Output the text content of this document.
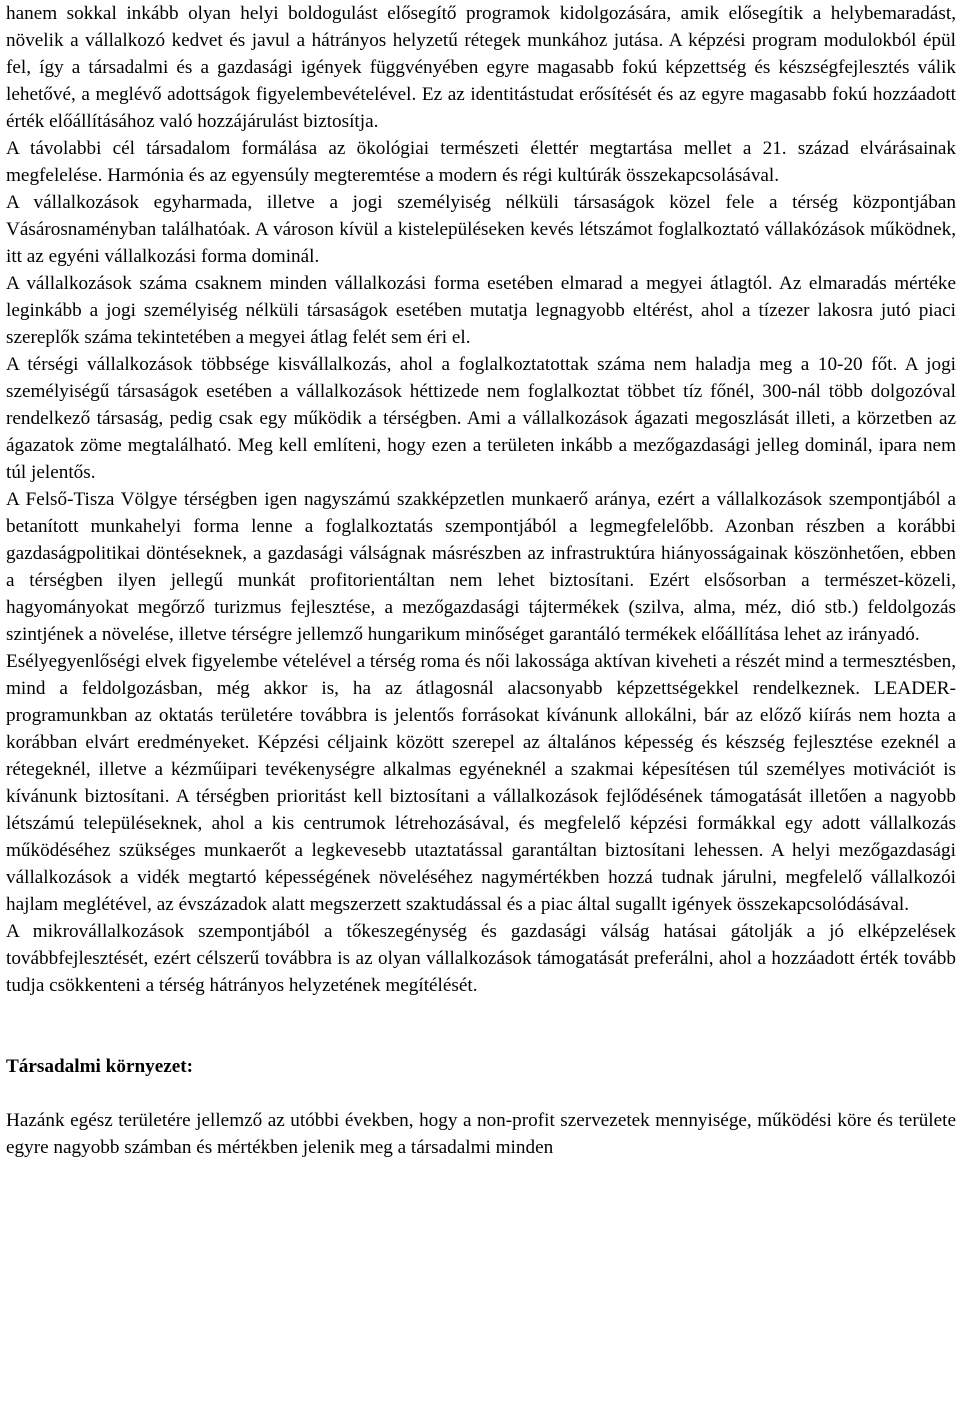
hanem sokkal inkább olyan helyi boldogulást elősegítő programok kidolgozására, amik elősegítik a helybemaradást, növelik a vállalkozó kedvet és javul a hátrányos helyzetű rétegek munkához jutása. A képzési program modulokból épül fel, így a társadalmi és a gazdasági igények függvényében egyre magasabb fokú képzettség és készségfejlesztés válik lehetővé, a meglévő adottságok figyelembevételével. Ez az identitástudat erősítését és az egyre magasabb fokú hozzáadott érték előállításához való hozzájárulást biztosítja.

A távolabbi cél társadalom formálása az ökológiai természeti élettér megtartása mellet a 21. század elvárásainak megfelelése. Harmónia és az egyensúly megteremtése a modern és régi kultúrák összekapcsolásával.

A vállalkozások egyharmada, illetve a jogi személyiség nélküli társaságok közel fele a térség központjában Vásárosnaményban találhatóak. A városon kívül a kistelepüléseken kevés létszámot foglalkoztató vállakózások működnek, itt az egyéni vállalkozási forma dominál.

A vállalkozások száma csaknem minden vállalkozási forma esetében elmarad a megyei átlagtól. Az elmaradás mértéke leginkább a jogi személyiség nélküli társaságok esetében mutatja legnagyobb eltérést, ahol a tízezer lakosra jutó piaci szereplők száma tekintetében a megyei átlag felét sem éri el.

A térségi vállalkozások többsége kisvállalkozás, ahol a foglalkoztatottak száma nem haladja meg a 10-20 főt. A jogi személyiségű társaságok esetében a vállalkozások héttizede nem foglalkoztat többet tíz főnél, 300-nál több dolgozóval rendelkező társaság, pedig csak egy működik a térségben. Ami a vállalkozások ágazati megoszlását illeti, a körzetben az ágazatok zöme megtalálható. Meg kell említeni, hogy ezen a területen inkább a mezőgazdasági jelleg dominál, ipara nem túl jelentős.

A Felső-Tisza Völgye térségben igen nagyszámú szakképzetlen munkaerő aránya, ezért a vállalkozások szempontjából a betanított munkahelyi forma lenne a foglalkoztatás szempontjából a legmegfelelőbb. Azonban részben a korábbi gazdaságpolitikai döntéseknek, a gazdasági válságnak másrészben az infrastruktúra hiányosságainak köszönhetően, ebben a térségben ilyen jellegű munkát profitorientáltan nem lehet biztosítani. Ezért elsősorban a természet-közeli, hagyományokat megőrző turizmus fejlesztése, a mezőgazdasági tájtermékek (szilva, alma, méz, dió stb.) feldolgozás szintjének a növelése, illetve térségre jellemző hungarikum minőséget garantáló termékek előállítása lehet az irányadó.

Esélyegyenlőségi elvek figyelembe vételével a térség roma és női lakossága aktívan kiveheti a részét mind a termesztésben, mind a feldolgozásban, még akkor is, ha az átlagosnál alacsonyabb képzettségekkel rendelkeznek. LEADER-programunkban az oktatás területére továbbra is jelentős forrásokat kívánunk allokálni, bár az előző kiírás nem hozta a korábban elvárt eredményeket. Képzési céljaink között szerepel az általános képesség és készség fejlesztése ezeknél a rétegeknél, illetve a kézműipari tevékenységre alkalmas egyéneknél a szakmai képesítésen túl személyes motivációt is kívánunk biztosítani. A térségben prioritást kell biztosítani a vállalkozások fejlődésének támogatását illetően a nagyobb létszámú településeknek, ahol a kis centrumok létrehozásával, és megfelelő képzési formákkal egy adott vállalkozás működéséhez szükséges munkaerőt a legkevesebb utaztatással garantáltan biztosítani lehessen. A helyi mezőgazdasági vállalkozások a vidék megtartó képességének növeléséhez nagymértékben hozzá tudnak járulni, megfelelő vállalkozói hajlam meglétével, az évszázadok alatt megszerzett szaktudással és a piac által sugallt igények összekapcsolódásával.

A mikrovállalkozások szempontjából a tőkeszegénység és gazdasági válság hatásai gátolják a jó elképzelések továbbfejlesztését, ezért célszerű továbbra is az olyan vállalkozások támogatását preferálni, ahol a hozzáadott érték tovább tudja csökkenteni a térség hátrányos helyzetének megítélését.

Társadalmi környezet:

Hazánk egész területére jellemző az utóbbi években, hogy a non-profit szervezetek mennyisége, működési köre és területe egyre nagyobb számban és mértékben jelenik meg a társadalmi minden
